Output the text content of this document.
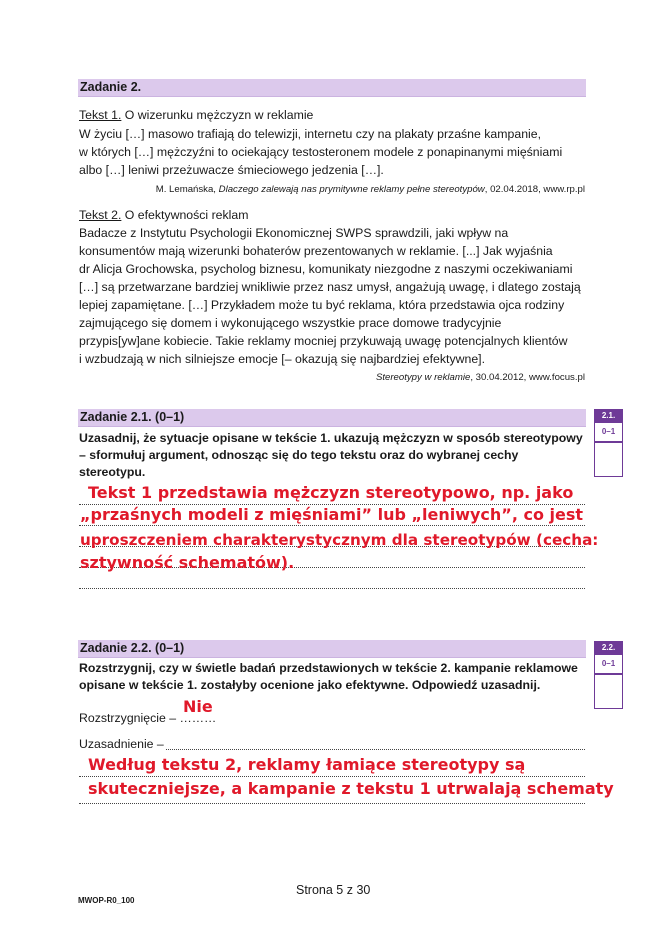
Zadanie 2.
Tekst 1. O wizerunku mężczyzn w reklamie
W życiu […] masowo trafiają do telewizji, internetu czy na plakaty przaśne kampanie,
w których […] mężczyźni to ociekający testosteronem modele z ponapinanymi mięśniami
albo […] leniwi przeżuwacze śmieciowego jedzenia […].
M. Lemańska, Dlaczego zalewają nas prymitywne reklamy pełne stereotypów, 02.04.2018, www.rp.pl
Tekst 2. O efektywności reklam
Badacze z Instytutu Psychologii Ekonomicznej SWPS sprawdzili, jaki wpływ na
konsumentów mają wizerunki bohaterów prezentowanych w reklamie. [...] Jak wyjaśnia
dr Alicja Grochowska, psycholog biznesu, komunikaty niezgodne z naszymi oczekiwaniami
[…] są przetwarzane bardziej wnikliwie przez nasz umysł, angażują uwagę, i dlatego zostają
lepiej zapamiętane. […] Przykładem może tu być reklama, która przedstawia ojca rodziny
zajmującego się domem i wykonującego wszystkie prace domowe tradycyjnie
przypis[yw]ane kobiecie. Takie reklamy mocniej przykuwają uwagę potencjalnych klientów
i wzbudzają w nich silniejsze emocje [– okazują się najbardziej efektywne].
Stereotypy w reklamie, 30.04.2012, www.focus.pl
Zadanie 2.1. (0–1)
Uzasadnij, że sytuacje opisane w tekście 1. ukazują mężczyzn w sposób stereotypowy
– sformułuj argument, odnosząc się do tego tekstu oraz do wybranej cechy
stereotypu.
2.1.
0–1
Tekst 1 przedstawia mężczyzn stereotypowo, np. jako
„przaśnych modeli z mięśniami” lub „leniwych”, co jest
uproszczeniem charakterystycznym dla stereotypów (cecha:
sztywność schematów).
Zadanie 2.2. (0–1)
Rozstrzygnij, czy w świetle badań przedstawionych w tekście 2. kampanie reklamowe
opisane w tekście 1. zostałyby ocenione jako efektywne. Odpowiedź uzasadnij.
2.2.
0–1
Nie
Rozstrzygnięcie – ………
Uzasadnienie –
Według tekstu 2, reklamy łamiące stereotypy są
skuteczniejsze, a kampanie z tekstu 1 utrwalają schematy
Strona 5 z 30
MWOP-R0_100
